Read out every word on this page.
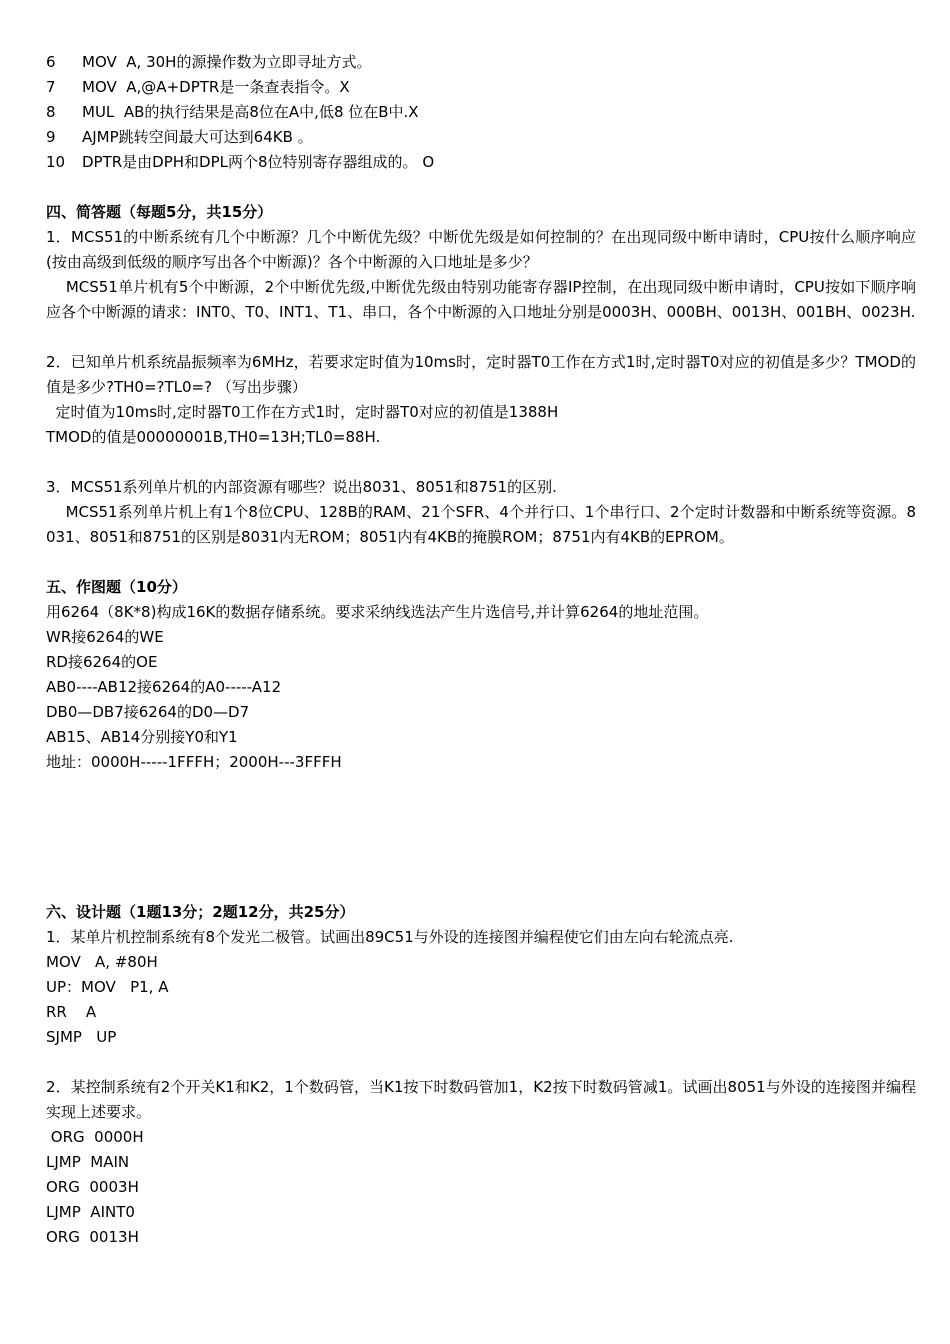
6 MOV  A, 30H的源操作数为立即寻址方式。
7 MOV  A,@A+DPTR是一条查表指令。X
8 MUL  AB的执行结果是高8位在A中,低8 位在B中.X
9 AJMP跳转空间最大可达到64KB 。
10 DPTR是由DPH和DPL两个8位特别寄存器组成的。 O
四、简答题（每题5分，共15分）
1．MCS51的中断系统有几个中断源？几个中断优先级？中断优先级是如何控制的？在出现同级中断申请时，CPU按什么顺序响应(按由高级到低级的顺序写出各个中断源)？各个中断源的入口地址是多少？
MCS51单片机有5个中断源，2个中断优先级,中断优先级由特别功能寄存器IP控制，在出现同级中断申请时，CPU按如下顺序响应各个中断源的请求：INT0、T0、INT1、T1、串口，各个中断源的入口地址分别是0003H、000BH、0013H、001BH、0023H.
2．已知单片机系统晶振频率为6MHz，若要求定时值为10ms时，定时器T0工作在方式1时,定时器T0对应的初值是多少？TMOD的值是多少?TH0=?TL0=? （写出步骤）
定时值为10ms时,定时器T0工作在方式1时，定时器T0对应的初值是1388H
TMOD的值是00000001B,TH0=13H;TL0=88H.
3．MCS51系列单片机的内部资源有哪些？说出8031、8051和8751的区别.
MCS51系列单片机上有1个8位CPU、128B的RAM、21个SFR、4个并行口、1个串行口、2个定时计数器和中断系统等资源。8031、8051和8751的区别是8031内无ROM；8051内有4KB的掩膜ROM；8751内有4KB的EPROM。
五、作图题（10分）
用6264（8K*8)构成16K的数据存储系统。要求采纳线选法产生片选信号,并计算6264的地址范围。
WR接6264的WE
RD接6264的OE
AB0----AB12接6264的A0-----A12
DB0—DB7接6264的D0—D7
AB15、AB14分别接Y0和Y1
地址：0000H-----1FFFH；2000H---3FFFH
六、设计题（1题13分；2题12分，共25分）
1．某单片机控制系统有8个发光二极管。试画出89C51与外设的连接图并编程使它们由左向右轮流点亮.
MOV   A, #80H
UP：MOV   P1, A
RR    A
SJMP   UP
2．某控制系统有2个开关K1和K2，1个数码管，当K1按下时数码管加1，K2按下时数码管减1。试画出8051与外设的连接图并编程实现上述要求。
ORG  0000H
LJMP  MAIN
ORG  0003H
LJMP  AINT0
ORG  0013H
